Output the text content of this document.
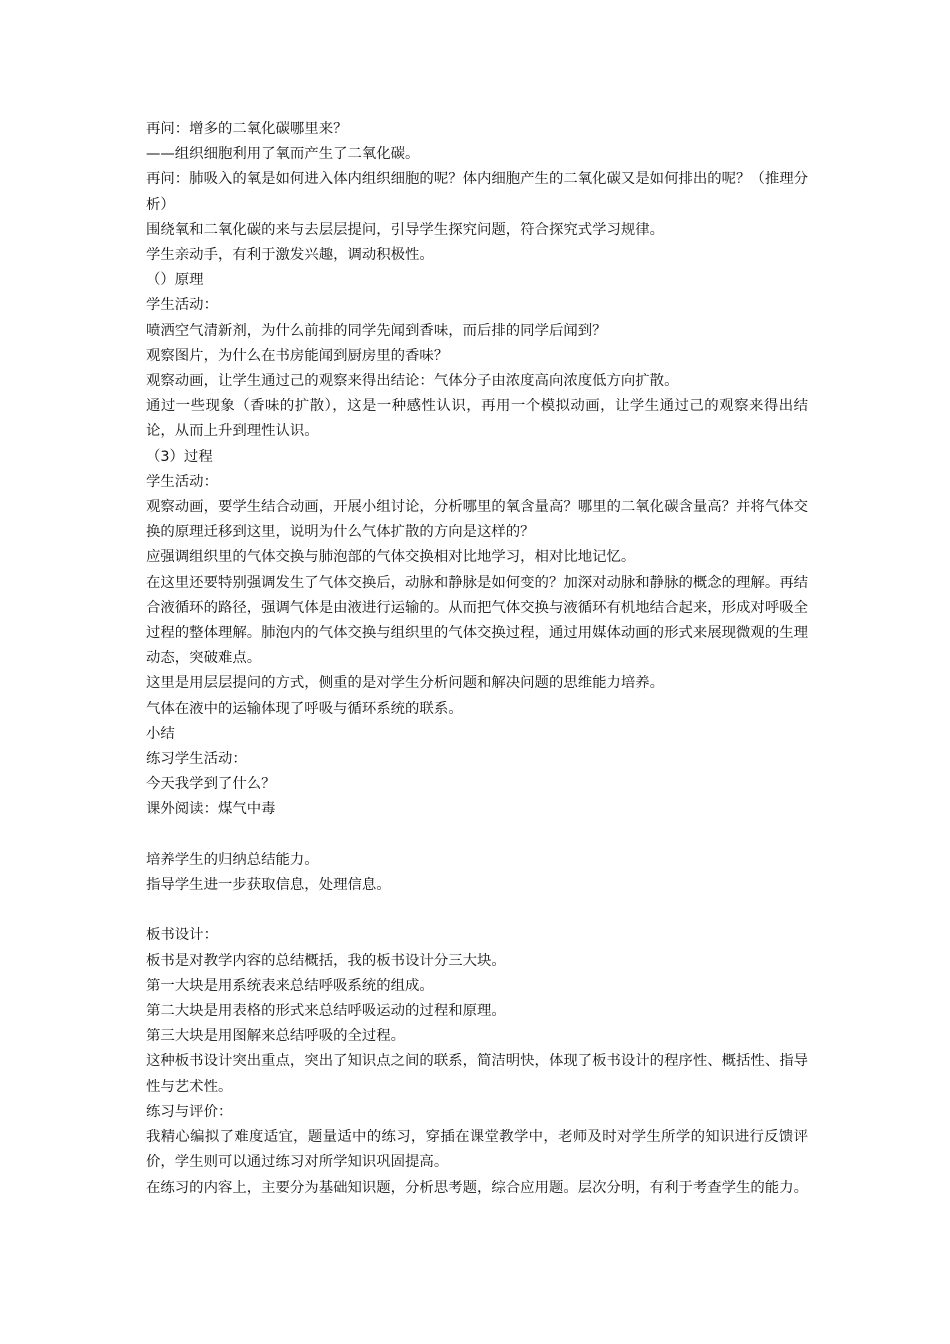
再问：增多的二氧化碳哪里来？

——组织细胞利用了氧而产生了二氧化碳。

再问：肺吸入的氧是如何进入体内组织细胞的呢？体内细胞产生的二氧化碳又是如何排出的呢？（推理分析）

围绕氧和二氧化碳的来与去层层提问，引导学生探究问题，符合探究式学习规律。

学生亲动手，有利于激发兴趣，调动积极性。

（）原理

学生活动：

喷洒空气清新剂，为什么前排的同学先闻到香味，而后排的同学后闻到？

观察图片，为什么在书房能闻到厨房里的香味？

观察动画，让学生通过己的观察来得出结论：气体分子由浓度高向浓度低方向扩散。

通过一些现象（香味的扩散），这是一种感性认识，再用一个模拟动画，让学生通过己的观察来得出结论，从而上升到理性认识。

（3）过程

学生活动：

观察动画，要学生结合动画，开展小组讨论，分析哪里的氧含量高？哪里的二氧化碳含量高？并将气体交换的原理迁移到这里，说明为什么气体扩散的方向是这样的？

应强调组织里的气体交换与肺泡部的气体交换相对比地学习，相对比地记忆。

在这里还要特别强调发生了气体交换后，动脉和静脉是如何变的？加深对动脉和静脉的概念的理解。再结合液循环的路径，强调气体是由液进行运输的。从而把气体交换与液循环有机地结合起来，形成对呼吸全过程的整体理解。肺泡内的气体交换与组织里的气体交换过程，通过用媒体动画的形式来展现微观的生理动态，突破难点。

这里是用层层提问的方式，侧重的是对学生分析问题和解决问题的思维能力培养。

气体在液中的运输体现了呼吸与循环系统的联系。

小结

练习学生活动：

今天我学到了什么？

课外阅读：煤气中毒

培养学生的归纳总结能力。

指导学生进一步获取信息，处理信息。

板书设计：

板书是对教学内容的总结概括，我的板书设计分三大块。

第一大块是用系统表来总结呼吸系统的组成。

第二大块是用表格的形式来总结呼吸运动的过程和原理。

第三大块是用图解来总结呼吸的全过程。

这种板书设计突出重点，突出了知识点之间的联系，简洁明快，体现了板书设计的程序性、概括性、指导性与艺术性。

练习与评价：

我精心编拟了难度适宜，题量适中的练习，穿插在课堂教学中，老师及时对学生所学的知识进行反馈评价，学生则可以通过练习对所学知识巩固提高。

在练习的内容上，主要分为基础知识题，分析思考题，综合应用题。层次分明，有利于考查学生的能力。
